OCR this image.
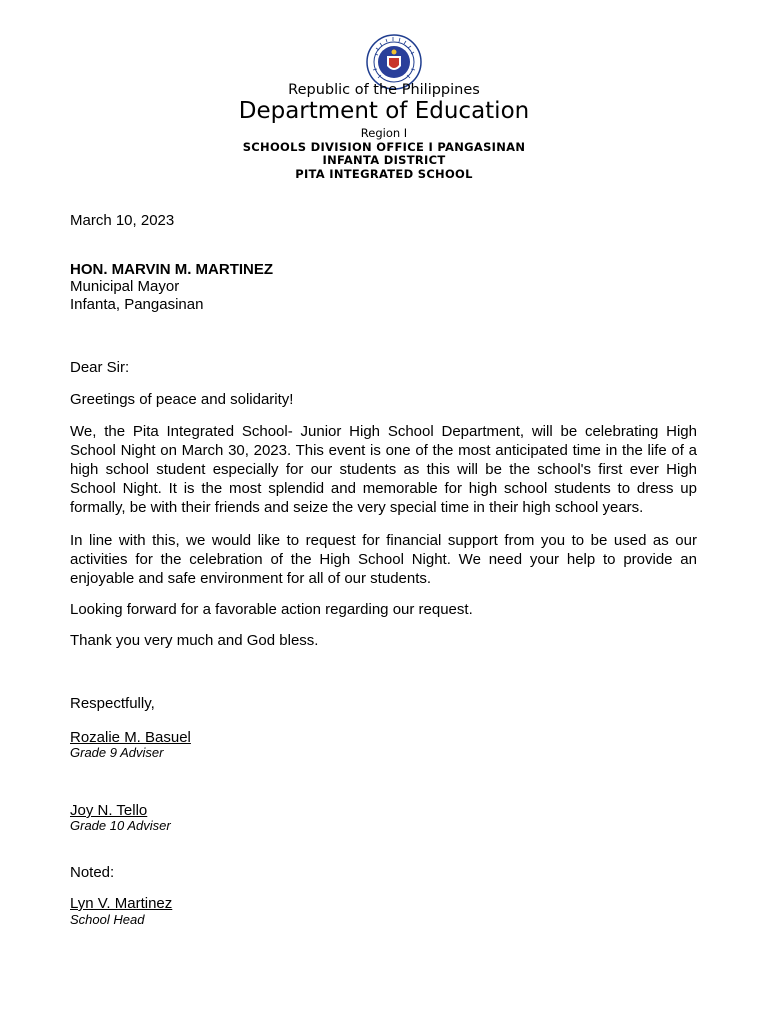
Republic of the Philippines
Department of Education
Region I
SCHOOLS DIVISION OFFICE I PANGASINAN
INFANTA DISTRICT
PITA INTEGRATED SCHOOL
March 10, 2023
HON. MARVIN M. MARTINEZ
Municipal Mayor
Infanta, Pangasinan
Dear Sir:
Greetings of peace and solidarity!
We, the Pita Integrated School- Junior High School Department, will be celebrating High School Night on March 30, 2023. This event is one of the most anticipated time in the life of a high school student especially for our students as this will be the school's first ever High School Night. It is the most splendid and memorable for high school students to dress up formally, be with their friends and seize the very special time in their high school years.
In line with this, we would like to request for financial support from you to be used as our activities for the celebration of the High School Night. We need your help to provide an enjoyable and safe environment for all of our students.
Looking forward for a favorable action regarding our request.
Thank you very much and God bless.
Respectfully,
Rozalie M. Basuel
Grade 9 Adviser
Joy N. Tello
Grade 10 Adviser
Noted:
Lyn V. Martinez
School Head
